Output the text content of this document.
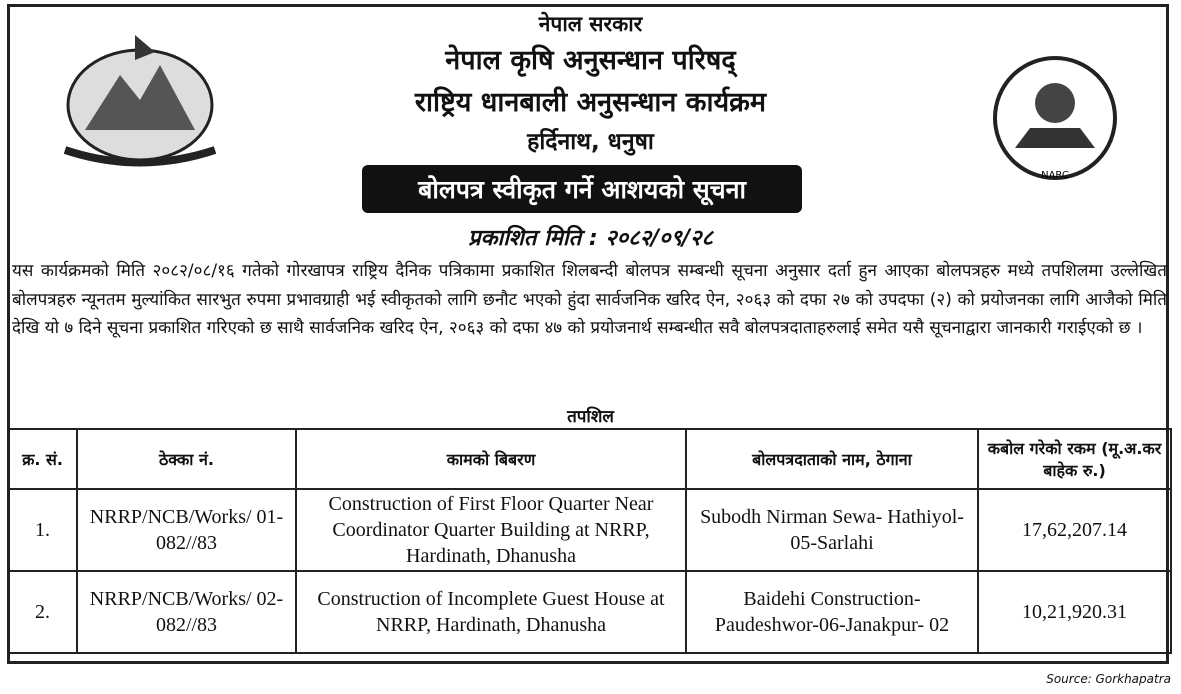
NARC
नेपाल सरकार
नेपाल कृषि अनुसन्धान परिषद्
राष्ट्रिय धानबाली अनुसन्धान कार्यक्रम
हर्दिनाथ, धनुषा
बोलपत्र स्वीकृत गर्ने आशयको सूचना
प्रकाशित मिति : २०८२/०९/२८
यस कार्यक्रमको मिति २०८२/०८/१६ गतेको गोरखापत्र राष्ट्रिय दैनिक पत्रिकामा प्रकाशित शिलबन्दी बोलपत्र सम्बन्धी सूचना अनुसार दर्ता हुन आएका बोलपत्रहरु मध्ये तपशिलमा उल्लेखित बोलपत्रहरु न्यूनतम मुल्यांकित सारभुत रुपमा प्रभावग्राही भई स्वीकृतको लागि छनौट भएको हुंदा सार्वजनिक खरिद ऐन, २०६३ को दफा २७ को उपदफा (२) को प्रयोजनका लागि आजैको मिति देखि यो ७ दिने सूचना प्रकाशित गरिएको छ साथै सार्वजनिक खरिद ऐन, २०६३ को दफा ४७ को प्रयोजनार्थ सम्बन्धीत सवै बोलपत्रदाताहरुलाई समेत यसै सूचनाद्वारा जानकारी गराईएको छ ।
तपशिल
क्र. सं.	ठेक्का नं.	कामको बिबरण	बोलपत्रदाताको नाम, ठेगाना	कबोल गरेको रकम (मू.अ.कर बाहेक रु.)
1.	NRRP/NCB/Works/ 01-082//83	Construction of First Floor Quarter Near Coordinator Quarter Building at NRRP, Hardinath, Dhanusha	Subodh Nirman Sewa- Hathiyol-05-Sarlahi	17,62,207.14
2.	NRRP/NCB/Works/ 02-082//83	Construction of Incomplete Guest House at NRRP, Hardinath, Dhanusha	Baidehi Construction- Paudeshwor-06-Janakpur- 02	10,21,920.31
Source: Gorkhapatra
